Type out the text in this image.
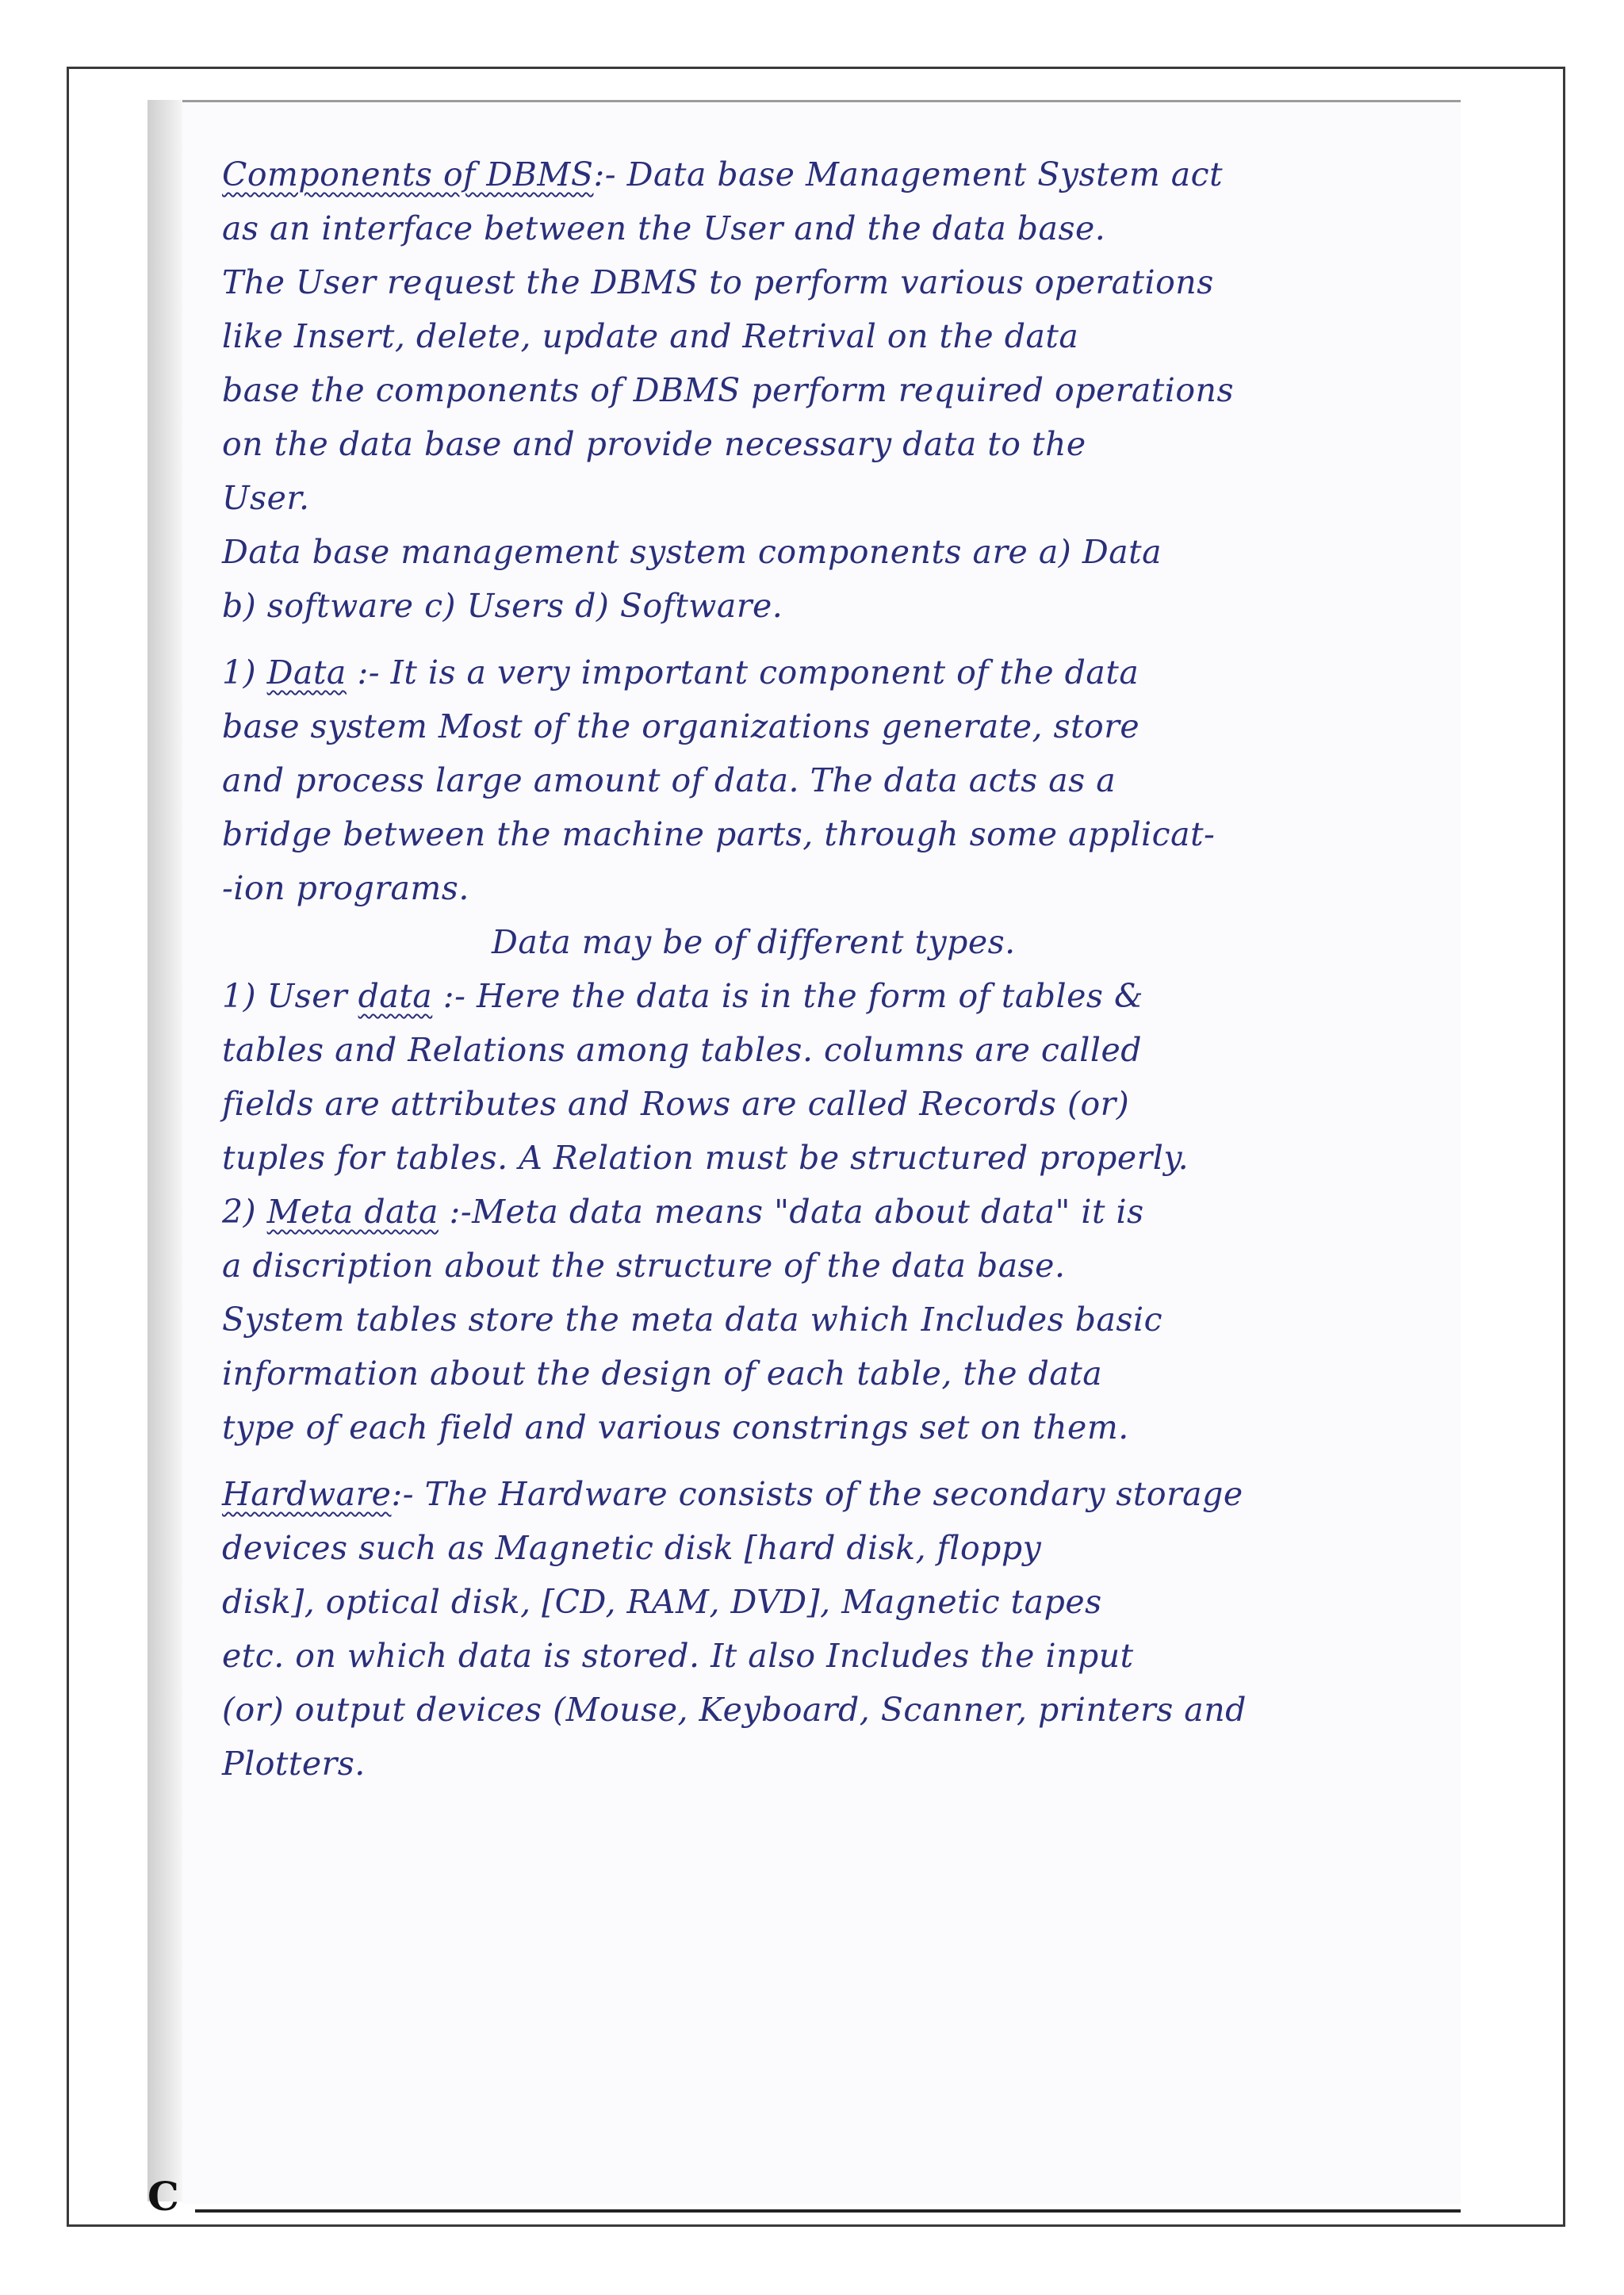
Components of DBMS:- Data base Management System act
as an interface between the User and the data base.
The User request the DBMS to perform various operations
like Insert, delete, update and Retrival on the data
base the components of DBMS perform required operations
on the data base and provide necessary data to the
User.
Data base management system components are a) Data
b) software c) Users d) Software.
1) Data :- It is a very important component of the data
base system Most of the organizations generate, store
and process large amount of data. The data acts as a
bridge between the machine parts, through some applicat-
-ion programs.
Data may be of different types.
1) User data :- Here the data is in the form of tables &
tables and Relations among tables. columns are called
fields are attributes and Rows are called Records (or)
tuples for tables. A Relation must be structured properly.
2) Meta data :-Meta data means "data about data" it is
a discription about the structure of the data base.
System tables store the meta data which Includes basic
information about the design of each table, the data
type of each field and various constrings set on them.
Hardware:- The Hardware consists of the secondary storage
devices such as Magnetic disk [hard disk, floppy
disk], optical disk, [CD, RAM, DVD], Magnetic tapes
etc. on which data is stored. It also Includes the input
(or) output devices (Mouse, Keyboard, Scanner, printers and
Plotters.
C
